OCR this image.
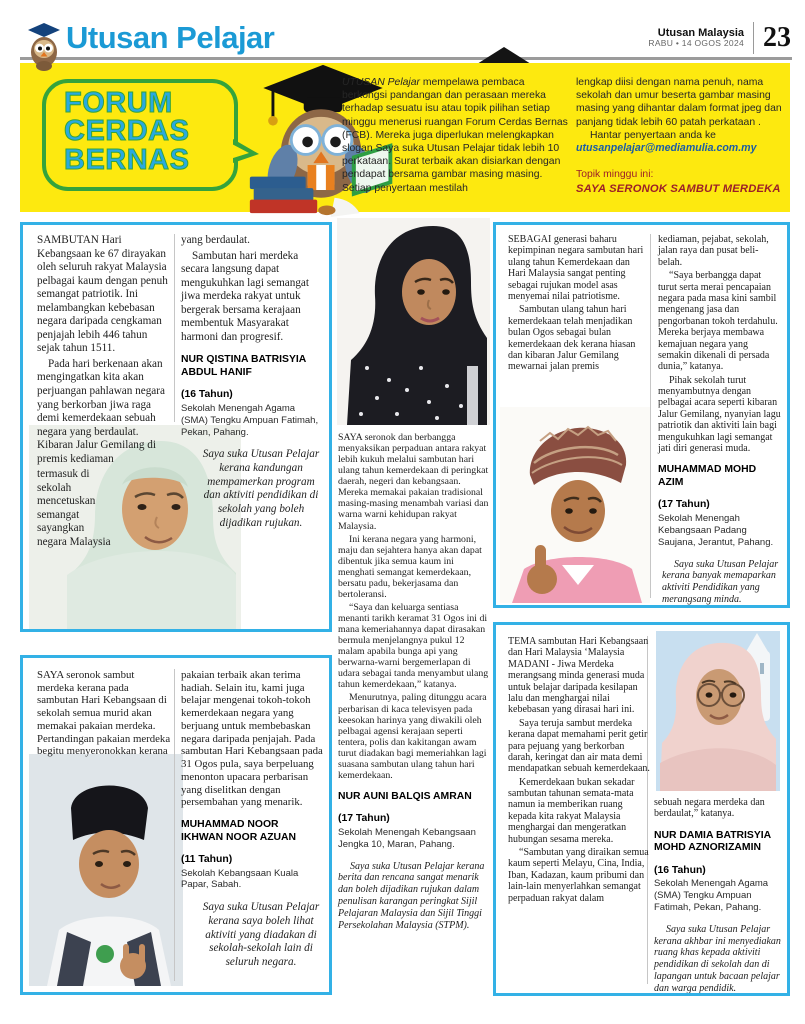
Utusan Pelajar	Utusan Malaysia
RABU • 14 OGOS 2024 23
FORUM
CERDAS
BERNAS
UTUSAN Pelajar mempelawa pembaca berkongsi pandangan dan perasaan mereka terhadap sesuatu isu atau topik pilihan setiap minggu menerusi ruangan Forum Cerdas Bernas (FCB). Mereka juga diperlukan melengkapkan slogan Saya suka Utusan Pelajar tidak lebih 10 perkataan. Surat terbaik akan disiarkan dengan pendapat bersama gambar masing masing. Setiap penyertaan mestilah
lengkap diisi dengan nama penuh, nama sekolah dan umur beserta gambar masing masing yang dihantar dalam format jpeg dan panjang tidak lebih 60 patah perkataan .
Hantar penyertaan anda ke
utusanpelajar@mediamulia.com.my
Topik minggu ini:
SAYA SERONOK SAMBUT MERDEKA

SAMBUTAN Hari Kebangsaan ke 67 dirayakan oleh seluruh rakyat Malaysia pelbagai kaum dengan penuh semangat patriotik. Ini melambangkan kebebasan negara daripada cengkaman penjajah lebih 446 tahun sejak tahun 1511.

Pada hari berkenaan akan mengingatkan kita akan perjuangan pahlawan negara yang berkorban jiwa raga demi kemerdekaan sebuah negara yang berdaulat. Kibaran Jalur Gemilang di premis kediaman

termasuk di sekolah mencetuskan semangat sayangkan negara Malaysia

yang berdaulat.

Sambutan hari merdeka secara langsung dapat mengukuhkan lagi semangat jiwa merdeka rakyat untuk bergerak bersama kerajaan membentuk Masyarakat harmoni dan progresif.

NUR QISTINA BATRISYIA ABDUL HANIF
(16 Tahun)
Sekolah Menengah Agama (SMA) Tengku Ampuan Fatimah, Pekan, Pahang.
Saya suka Utusan Pelajar kerana kandungan mempamerkan program dan aktiviti pendidikan di sekolah yang boleh dijadikan rujukan.

SAYA seronok sambut merdeka kerana pada sambutan Hari Kebangsaan di sekolah semua murid akan memakai pakaian merdeka. Pertandingan pakaian merdeka begitu menyeronokkan kerana

pakaian terbaik akan terima hadiah. Selain itu, kami juga belajar mengenai tokoh-tokoh kemerdekaan negara yang berjuang untuk membebaskan negara daripada penjajah. Pada sambutan Hari Kebangsaan pada 31 Ogos pula, saya berpeluang menonton upacara perbarisan yang diselitkan dengan persembahan yang menarik.

MUHAMMAD NOOR IKHWAN NOOR AZUAN
(11 Tahun)
Sekolah Kebangsaan Kuala Papar, Sabah.
Saya suka Utusan Pelajar kerana saya boleh lihat aktiviti yang diadakan di sekolah-sekolah lain di seluruh negara.

SAYA seronok dan berbangga menyaksikan perpaduan antara rakyat lebih kukuh melalui sambutan hari ulang tahun kemerdekaan di peringkat daerah, negeri dan kebangsaan. Mereka memakai pakaian tradisional masing-masing menambah variasi dan warna warni kehidupan rakyat Malaysia.

Ini kerana negara yang harmoni, maju dan sejahtera hanya akan dapat dibentuk jika semua kaum ini menghati semangat kemerdekaan, bersatu padu, bekerjasama dan bertoleransi.

“Saya dan keluarga sentiasa menanti tarikh keramat 31 Ogos ini di mana kemeriahannya dapat dirasakan bermula menjelangnya pukul 12 malam apabila bunga api yang berwarna-warni bergemerlapan di udara sebagai tanda menyambut ulang tahun kemerdekaan,” katanya.

Menurutnya, paling ditunggu acara perbarisan di kaca televisyen pada keesokan harinya yang diwakili oleh pelbagai agensi kerajaan seperti tentera, polis dan kakitangan awam turut diadakan bagi memeriahkan lagi suasana sambutan ulang tahun hari kemerdekaan.

NUR AUNI BALQIS AMRAN
(17 Tahun)
Sekolah Menengah Kebangsaan Jengka 10, Maran, Pahang.
Saya suka Utusan Pelajar kerana berita dan rencana sangat menarik dan boleh dijadikan rujukan dalam penulisan karangan peringkat Sijil Pelajaran Malaysia dan Sijil Tinggi Persekolahan Malaysia (STPM).

SEBAGAI generasi baharu kepimpinan negara sambutan hari ulang tahun Kemerdekaan dan Hari Malaysia sangat penting sebagai rujukan model asas menyemai nilai patriotisme.

Sambutan ulang tahun hari kemerdekaan telah menjadikan bulan Ogos sebagai bulan kemerdekaan dek kerana hiasan dan kibaran Jalur Gemilang mewarnai jalan premis

kediaman, pejabat, sekolah, jalan raya dan pusat beli-belah.

“Saya berbangga dapat turut serta merai pencapaian negara pada masa kini sambil mengenang jasa dan pengorbanan tokoh terdahulu. Mereka berjaya membawa kemajuan negara yang semakin dikenali di persada dunia,” katanya.

Pihak sekolah turut menyambutnya dengan pelbagai acara seperti kibaran Jalur Gemilang, nyanyian lagu patriotik dan aktiviti lain bagi mengukuhkan lagi semangat jati diri generasi muda.

MUHAMMAD MOHD AZIM
(17 Tahun)
Sekolah Menengah Kebangsaan Padang Saujana, Jerantut, Pahang.
Saya suka Utusan Pelajar kerana banyak memaparkan aktiviti Pendidikan yang merangsang minda.

TEMA sambutan Hari Kebangsaan dan Hari Malaysia ‘Malaysia MADANI - Jiwa Merdeka merangsang minda generasi muda untuk belajar daripada kesilapan lalu dan menghargai nilai kebebasan yang dirasai hari ini.

Saya teruja sambut merdeka kerana dapat memahami perit getir para pejuang yang berkorban darah, keringat dan air mata demi mendapatkan sebuah kemerdekaan.

Kemerdekaan bukan sekadar sambutan tahunan semata-mata namun ia memberikan ruang kepada kita rakyat Malaysia menghargai dan mengeratkan hubungan sesama mereka.

“Sambutan yang diraikan semua kaum seperti Melayu, Cina, India, Iban, Kadazan, kaum pribumi dan lain-lain menyerlahkan semangat perpaduan rakyat dalam

sebuah negara merdeka dan berdaulat,” katanya.

NUR DAMIA BATRISYIA MOHD AZNORIZAMIN
(16 Tahun)
Sekolah Menengah Agama (SMA) Tengku Ampuan Fatimah, Pekan, Pahang.
Saya suka Utusan Pelajar kerana akhbar ini menyediakan ruang khas kepada aktiviti pendidikan di sekolah dan di lapangan untuk bacaan pelajar dan warga pendidik.
